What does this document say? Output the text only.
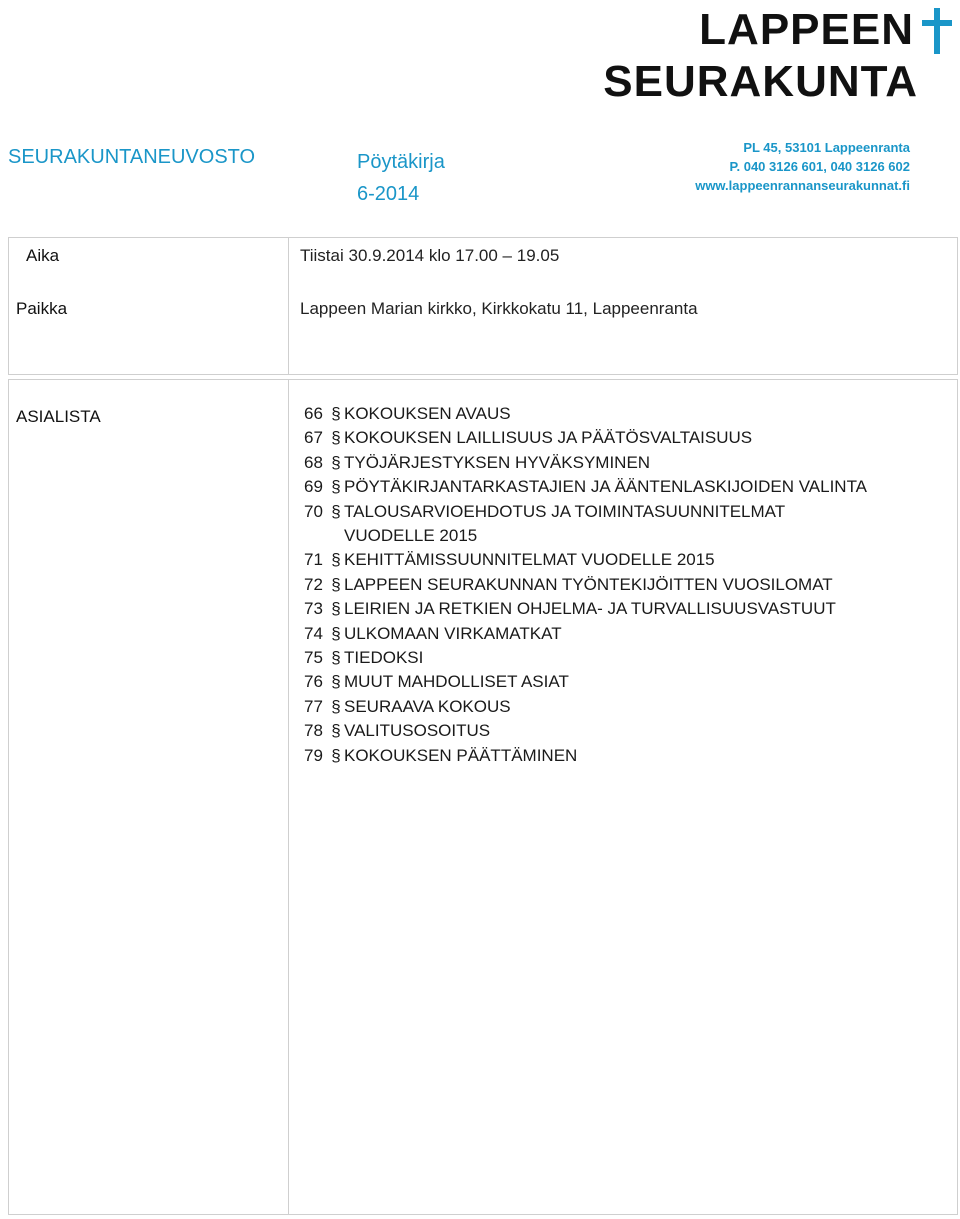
SEURAKUNTANEUVOSTO	Pöytäkirja
6-2014
LAPPEEN
SEURAKUNTA
PL 45, 53101 Lappeenranta
P. 040 3126 601, 040 3126 602
www.lappeenrannanseurakunnat.fi
Aika	Tiistai 30.9.2014 klo 17.00 – 19.05
Paikka	Lappeen Marian kirkko, Kirkkokatu 11, Lappeenranta
ASIALISTA	66 § KOKOUKSEN AVAUS
67 § KOKOUKSEN LAILLISUUS JA PÄÄTÖSVALTAISUUS
68 § TYÖJÄRJESTYKSEN HYVÄKSYMINEN
69 § PÖYTÄKIRJANTARKASTAJIEN JA ÄÄNTENLASKIJOIDEN VALINTA
70 § TALOUSARVIOEHDOTUS JA TOIMINTASUUNNITELMAT
VUODELLE 2015
71 § KEHITTÄMISSUUNNITELMAT VUODELLE 2015
72 § LAPPEEN SEURAKUNNAN TYÖNTEKIJÖITTEN VUOSILOMAT
73 § LEIRIEN JA RETKIEN OHJELMA- JA TURVALLISUUSVASTUUT
74 § ULKOMAAN VIRKAMATKAT
75 § TIEDOKSI
76 § MUUT MAHDOLLISET ASIAT
77 § SEURAAVA KOKOUS
78 § VALITUSOSOITUS
79 § KOKOUKSEN PÄÄTTÄMINEN
